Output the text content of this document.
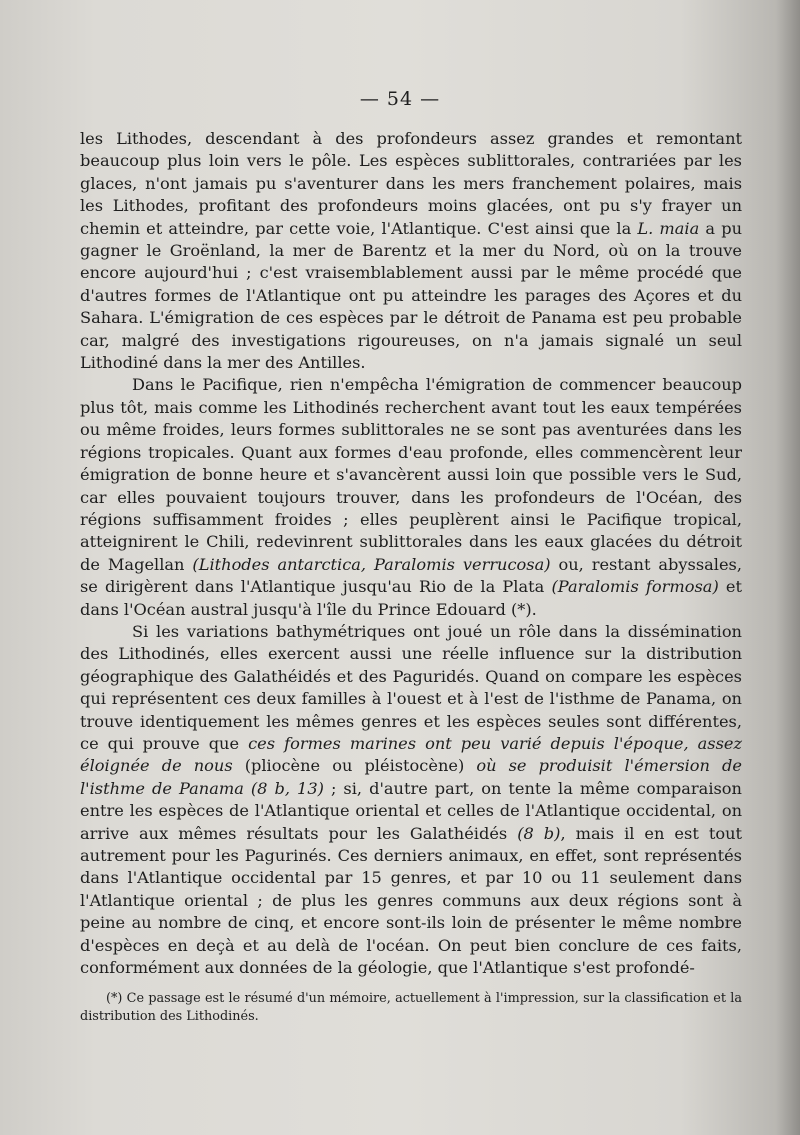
— 54 —

les Lithodes, descendant à des profondeurs assez grandes et remontant beaucoup plus loin vers le pôle. Les espèces sublittorales, contrariées par les glaces, n'ont jamais pu s'aventurer dans les mers franchement polaires, mais les Lithodes, profitant des profondeurs moins glacées, ont pu s'y frayer un chemin et atteindre, par cette voie, l'Atlantique. C'est ainsi que la L. maia a pu gagner le Groënland, la mer de Barentz et la mer du Nord, où on la trouve encore aujourd'hui ; c'est vraisemblablement aussi par le même procédé que d'autres formes de l'Atlantique ont pu atteindre les parages des Açores et du Sahara. L'émigration de ces espèces par le détroit de Panama est peu probable car, malgré des investigations rigoureuses, on n'a jamais signalé un seul Lithodiné dans la mer des Antilles.

Dans le Pacifique, rien n'empêcha l'émigration de commencer beaucoup plus tôt, mais comme les Lithodinés recherchent avant tout les eaux tempérées ou même froides, leurs formes sublittorales ne se sont pas aventurées dans les régions tropicales. Quant aux formes d'eau profonde, elles commencèrent leur émigration de bonne heure et s'avancèrent aussi loin que possible vers le Sud, car elles pouvaient toujours trouver, dans les profondeurs de l'Océan, des régions suffisamment froides ; elles peuplèrent ainsi le Pacifique tropical, atteignirent le Chili, redevinrent sublittorales dans les eaux glacées du détroit de Magellan (Lithodes antarctica, Paralomis verrucosa) ou, restant abyssales, se dirigèrent dans l'Atlantique jusqu'au Rio de la Plata (Paralomis formosa) et dans l'Océan austral jusqu'à l'île du Prince Edouard (*).

Si les variations bathymétriques ont joué un rôle dans la dissémination des Lithodinés, elles exercent aussi une réelle influence sur la distribution géographique des Galathéidés et des Paguridés. Quand on compare les espèces qui représentent ces deux familles à l'ouest et à l'est de l'isthme de Panama, on trouve identiquement les mêmes genres et les espèces seules sont différentes, ce qui prouve que ces formes marines ont peu varié depuis l'époque, assez éloignée de nous (pliocène ou pléistocène) où se produisit l'émersion de l'isthme de Panama (8 b, 13) ; si, d'autre part, on tente la même comparaison entre les espèces de l'Atlantique oriental et celles de l'Atlantique occidental, on arrive aux mêmes résultats pour les Galathéidés (8 b), mais il en est tout autrement pour les Pagurinés. Ces derniers animaux, en effet, sont représentés dans l'Atlantique occidental par 15 genres, et par 10 ou 11 seulement dans l'Atlantique oriental ; de plus les genres communs aux deux régions sont à peine au nombre de cinq, et encore sont-ils loin de présenter le même nombre d'espèces en deçà et au delà de l'océan. On peut bien conclure de ces faits, conformément aux données de la géologie, que l'Atlantique s'est profondé-

(*) Ce passage est le résumé d'un mémoire, actuellement à l'impression, sur la classification et la distribution des Lithodinés.
